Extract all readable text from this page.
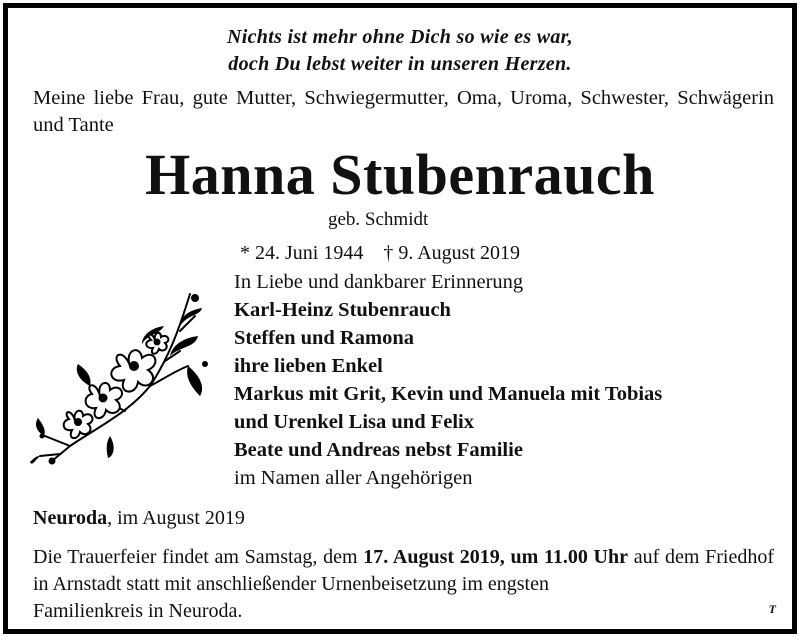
Nichts ist mehr ohne Dich so wie es war,
doch Du lebst weiter in unseren Herzen.
Meine liebe Frau, gute Mutter, Schwiegermutter, Oma, Uroma, Schwester, Schwägerin und Tante
Hanna Stubenrauch
geb. Schmidt
* 24. Juni 1944 † 9. August 2019
In Liebe und dankbarer Erinnerung
Karl-Heinz Stubenrauch
Steffen und Ramona
ihre lieben Enkel
Markus mit Grit, Kevin und Manuela mit Tobias
und Urenkel Lisa und Felix
Beate und Andreas nebst Familie
im Namen aller Angehörigen
Neuroda, im August 2019
Die Trauerfeier findet am Samstag, dem 17. August 2019, um 11.00 Uhr auf dem Friedhof in Arnstadt statt mit anschließender Urnenbeisetzung im engsten
Familienkreis in Neuroda.	T
